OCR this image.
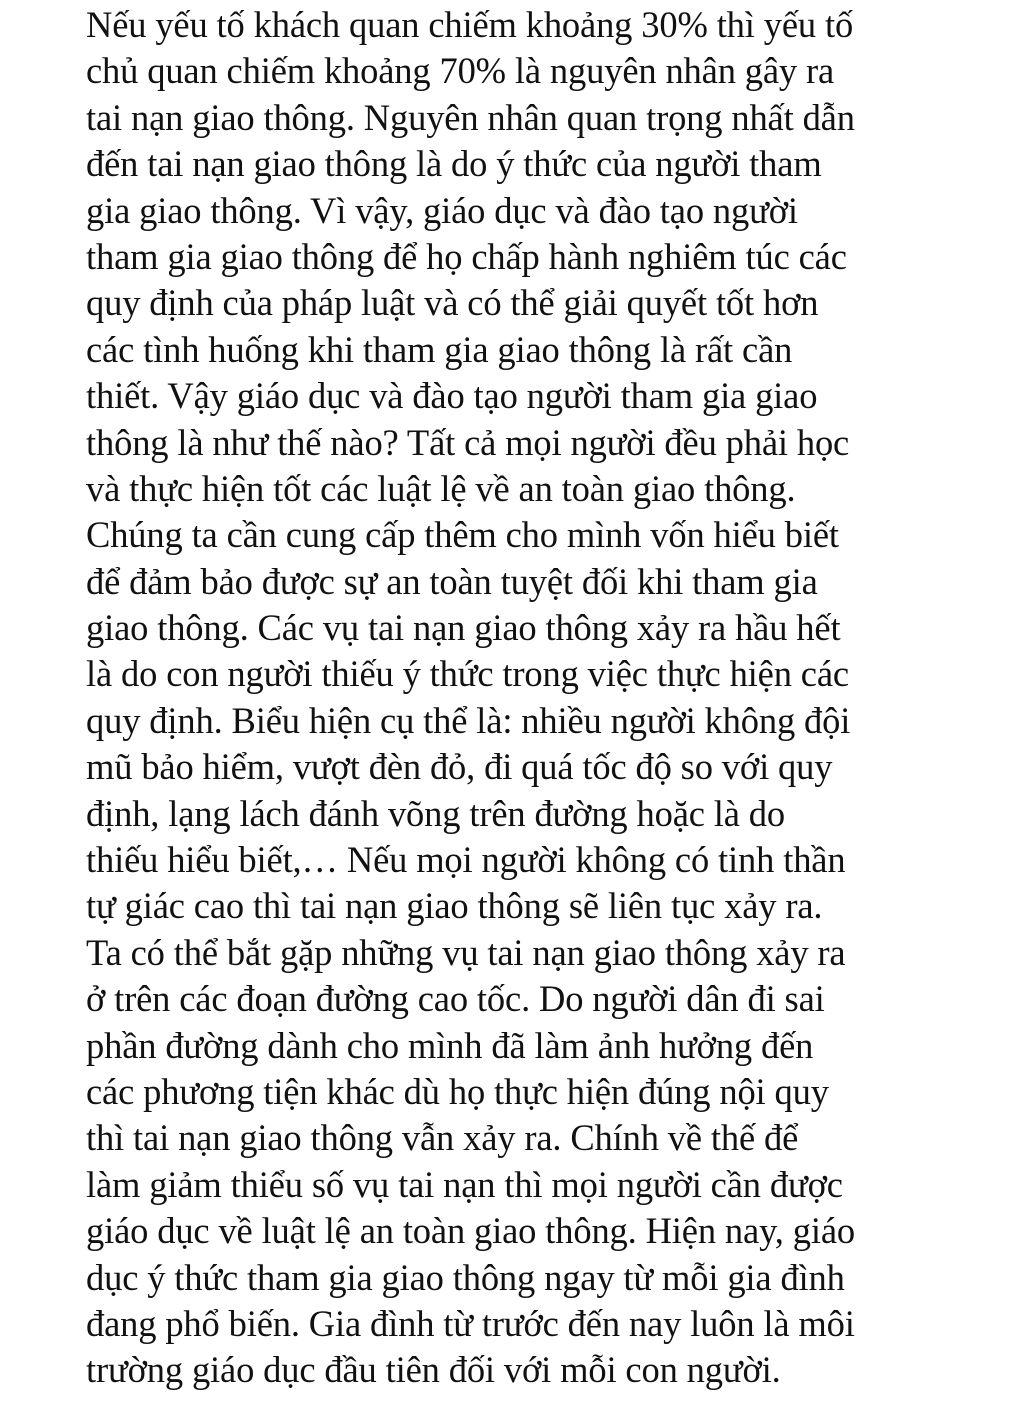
Nếu yếu tố khách quan chiếm khoảng 30% thì yếu tố
chủ quan chiếm khoảng 70% là nguyên nhân gây ra
tai nạn giao thông. Nguyên nhân quan trọng nhất dẫn
đến tai nạn giao thông là do ý thức của người tham
gia giao thông. Vì vậy, giáo dục và đào tạo người
tham gia giao thông để họ chấp hành nghiêm túc các
quy định của pháp luật và có thể giải quyết tốt hơn
các tình huống khi tham gia giao thông là rất cần
thiết. Vậy giáo dục và đào tạo người tham gia giao
thông là như thế nào? Tất cả mọi người đều phải học
và thực hiện tốt các luật lệ về an toàn giao thông.
Chúng ta cần cung cấp thêm cho mình vốn hiểu biết
để đảm bảo được sự an toàn tuyệt đối khi tham gia
giao thông. Các vụ tai nạn giao thông xảy ra hầu hết
là do con người thiếu ý thức trong việc thực hiện các
quy định. Biểu hiện cụ thể là: nhiều người không đội
mũ bảo hiểm, vượt đèn đỏ, đi quá tốc độ so với quy
định, lạng lách đánh võng trên đường hoặc là do
thiếu hiểu biết,… Nếu mọi người không có tinh thần
tự giác cao thì tai nạn giao thông sẽ liên tục xảy ra.
Ta có thể bắt gặp những vụ tai nạn giao thông xảy ra
ở trên các đoạn đường cao tốc. Do người dân đi sai
phần đường dành cho mình đã làm ảnh hưởng đến
các phương tiện khác dù họ thực hiện đúng nội quy
thì tai nạn giao thông vẫn xảy ra. Chính về thế để
làm giảm thiểu số vụ tai nạn thì mọi người cần được
giáo dục về luật lệ an toàn giao thông. Hiện nay, giáo
dục ý thức tham gia giao thông ngay từ mỗi gia đình
đang phổ biến. Gia đình từ trước đến nay luôn là môi
trường giáo dục đầu tiên đối với mỗi con người.
